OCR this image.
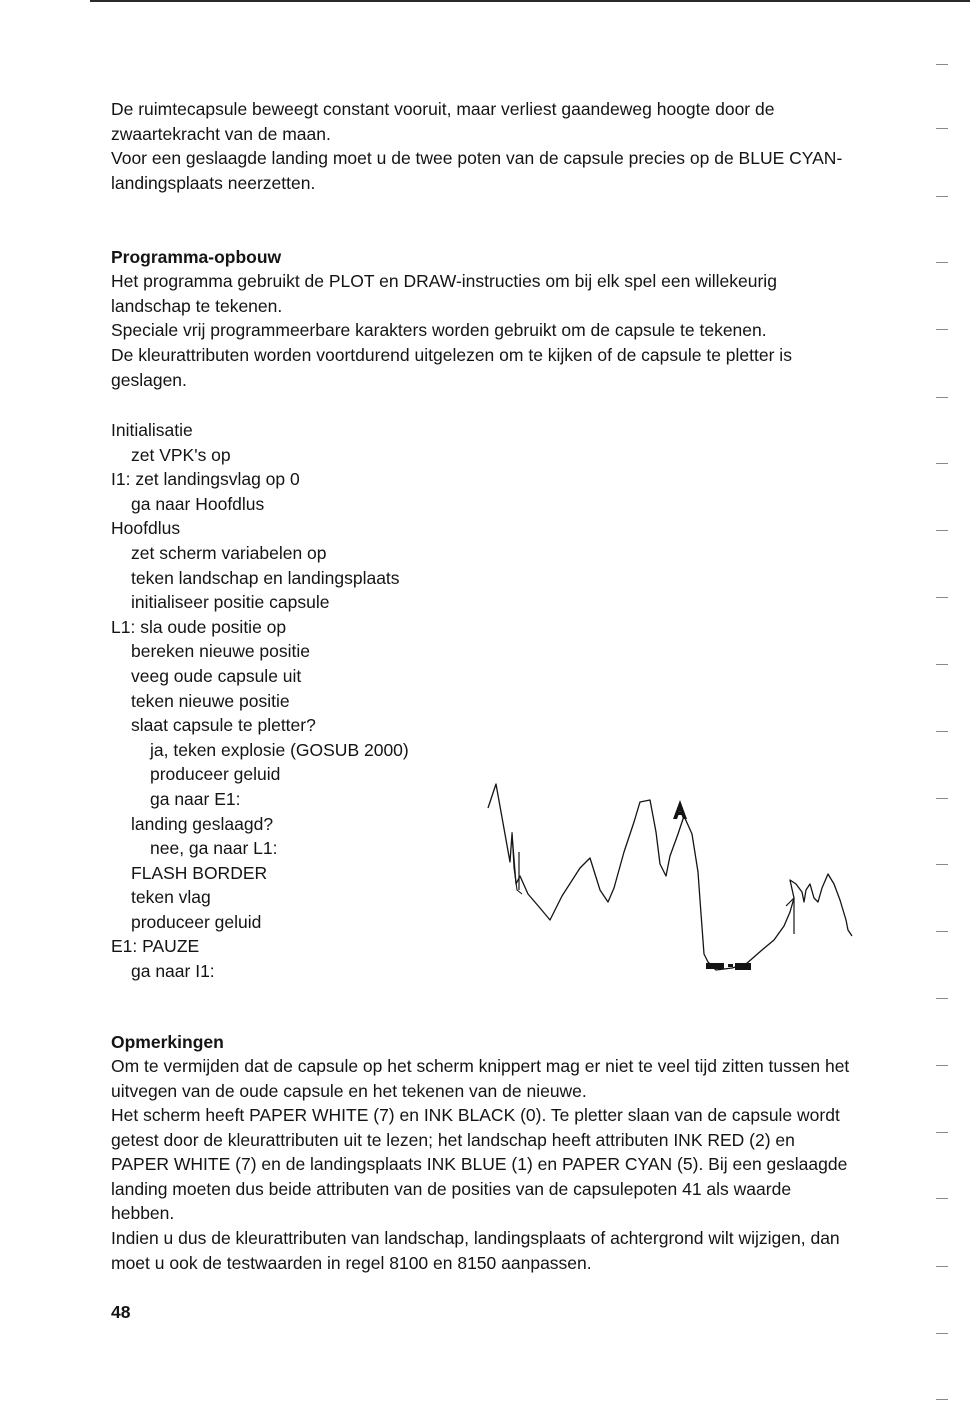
De ruimtecapsule beweegt constant vooruit, maar verliest gaandeweg hoogte door de zwaartekracht van de maan.

Voor een geslaagde landing moet u de twee poten van de capsule precies op de BLUE CYAN-landingsplaats neerzetten.

Programma-opbouw

Het programma gebruikt de PLOT en DRAW-instructies om bij elk spel een willekeurig landschap te tekenen.

Speciale vrij programmeerbare karakters worden gebruikt om de capsule te tekenen.

De kleurattributen worden voortdurend uitgelezen om te kijken of de capsule te pletter is geslagen.

Initialisatie
zet VPK's op
I1: zet landingsvlag op 0
ga naar Hoofdlus
Hoofdlus
zet scherm variabelen op
teken landschap en landingsplaats
initialiseer positie capsule
L1: sla oude positie op
bereken nieuwe positie
veeg oude capsule uit
teken nieuwe positie
slaat capsule te pletter?
ja, teken explosie (GOSUB 2000)
produceer geluid
ga naar E1:
landing geslaagd?
nee, ga naar L1:
FLASH BORDER
teken vlag
produceer geluid
E1: PAUZE
ga naar I1:
Opmerkingen

Om te vermijden dat de capsule op het scherm knippert mag er niet te veel tijd zitten tussen het uitvegen van de oude capsule en het tekenen van de nieuwe.

Het scherm heeft PAPER WHITE (7) en INK BLACK (0). Te pletter slaan van de capsule wordt getest door de kleurattributen uit te lezen; het landschap heeft attributen INK RED (2) en PAPER WHITE (7) en de landingsplaats INK BLUE (1) en PAPER CYAN (5). Bij een geslaagde landing moeten dus beide attributen van de posities van de capsulepoten 41 als waarde hebben.

Indien u dus de kleurattributen van landschap, landingsplaats of achtergrond wilt wijzigen, dan moet u ook de testwaarden in regel 8100 en 8150 aanpassen.

48
